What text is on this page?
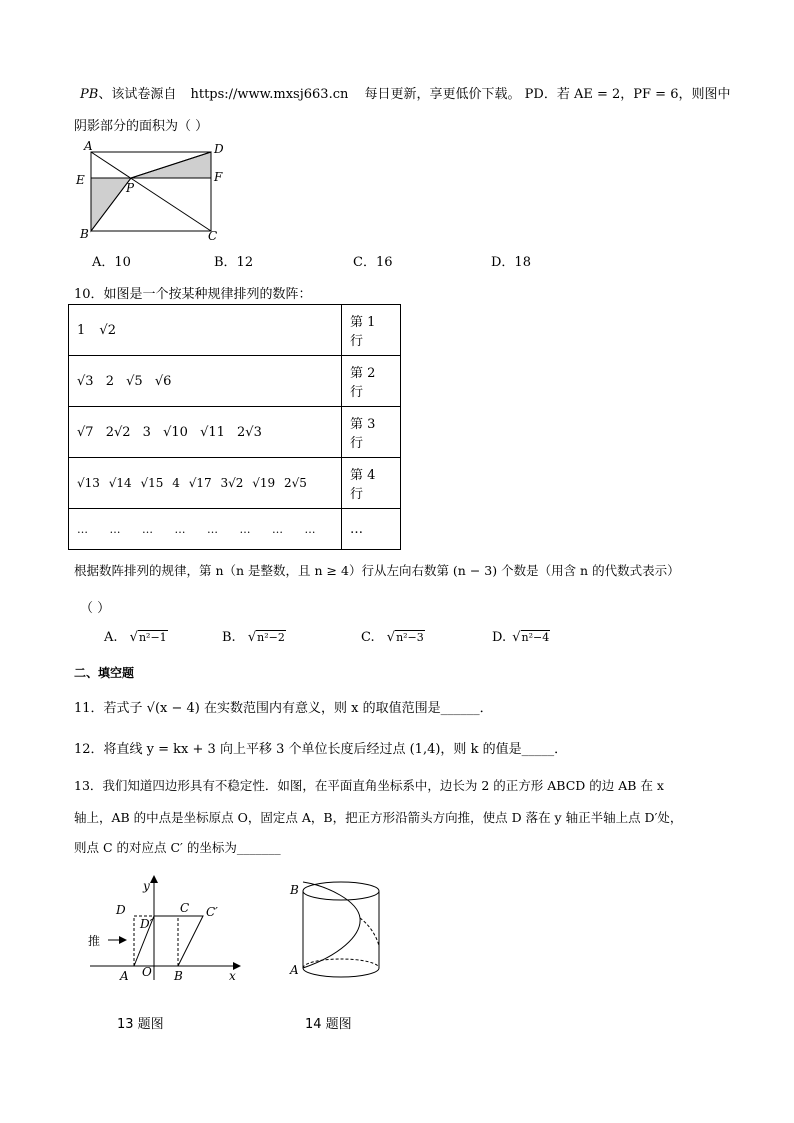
PB、该试卷源自 https://www.mxsj663.cn 每日更新，享更低价下载。 PD．若 AE = 2，PF = 6，则图中
阴影部分的面积为（ ）
A	D
E	F
P
B	C
A．10	B．12	C．16	D．18
10．如图是一个按某种规律排列的数阵：
1 √2	第 1 行
√3 2 √5 √6	第 2 行
√7 2√2 3 √10 √11 2√3	第 3 行
√13 √14 √15 4 √17 3√2 √19 2√5	第 4 行
… … … … … … … …	…
根据数阵排列的规律，第 n（n 是整数，且 n ≥ 4）行从左向右数第 (n − 3) 个数是（用含 n 的代数式表示）
（ ）
A. √n²−1	B. √n²−2	C. √n²−3	D. √n²−4
二、填空题
11．若式子 √(x − 4) 在实数范围内有意义，则 x 的取值范围是______．
12．将直线 y = kx + 3 向上平移 3 个单位长度后经过点 (1,4)，则 k 的值是_____．
13．我们知道四边形具有不稳定性．如图，在平面直角坐标系中，边长为 2 的正方形 ABCD 的边 AB 在 x
轴上，AB 的中点是坐标原点 O，固定点 A，B，把正方形沿箭头方向推，使点 D 落在 y 轴正半轴上点 D′处，
则点 C 的对应点 C′ 的坐标为_______
y
D	C
D′
C′
推
A O B	x
13 题图
B
A
14 题图
